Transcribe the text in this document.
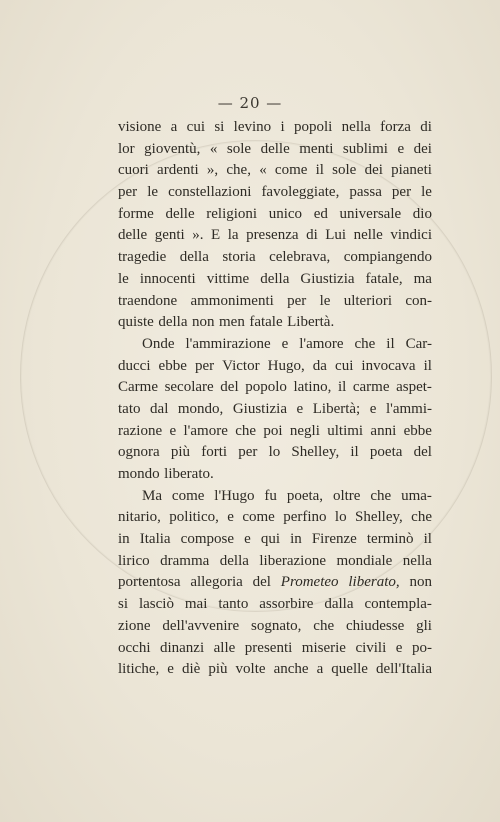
— 20 —
visione a cui si levino i popoli nella forza di
lor gioventù, « sole delle menti sublimi e dei
cuori ardenti », che, « come il sole dei pianeti
per le constellazioni favoleggiate, passa per le
forme delle religioni unico ed universale dio
delle genti ». E la presenza di Lui nelle vindici
tragedie della storia celebrava, compiangendo
le innocenti vittime della Giustizia fatale, ma
traendone ammonimenti per le ulteriori con-
quiste della non men fatale Libertà.
Onde l'ammirazione e l'amore che il Car-
ducci ebbe per Victor Hugo, da cui invocava il
Carme secolare del popolo latino, il carme aspet-
tato dal mondo, Giustizia e Libertà; e l'ammi-
razione e l'amore che poi negli ultimi anni ebbe
ognora più forti per lo Shelley, il poeta del
mondo liberato.
Ma come l'Hugo fu poeta, oltre che uma-
nitario, politico, e come perfino lo Shelley, che
in Italia compose e qui in Firenze terminò il
lirico dramma della liberazione mondiale nella
portentosa allegoria del Prometeo liberato, non
si lasciò mai tanto assorbire dalla contempla-
zione dell'avvenire sognato, che chiudesse gli
occhi dinanzi alle presenti miserie civili e po-
litiche, e diè più volte anche a quelle dell'Italia
